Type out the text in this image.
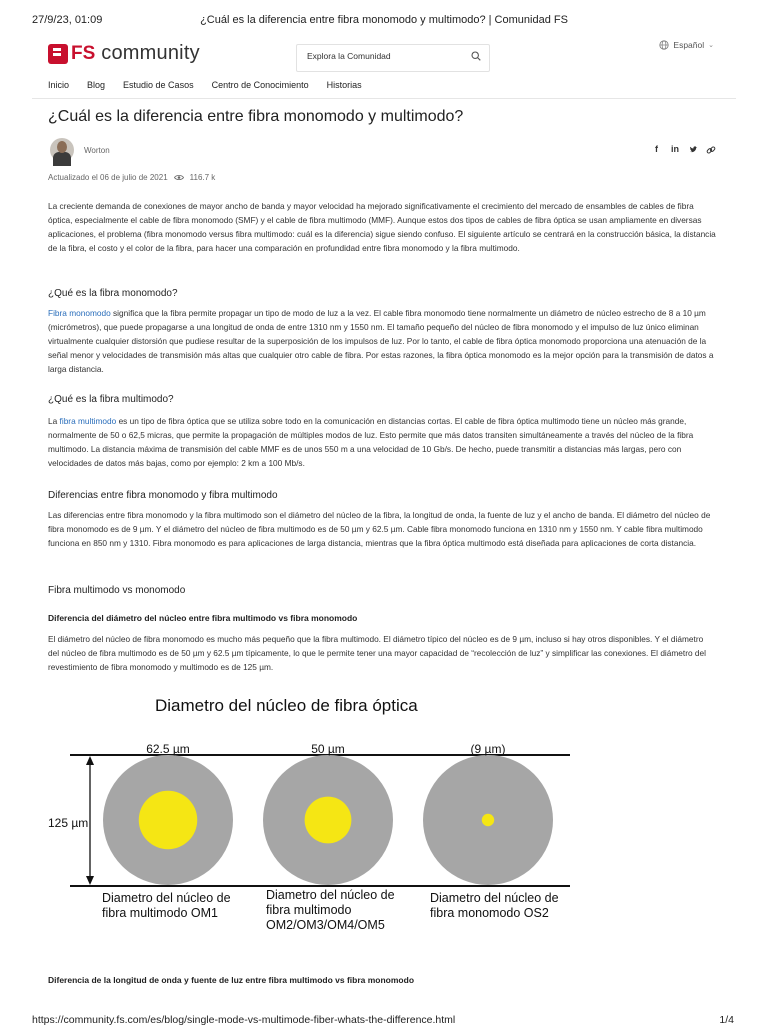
27/9/23, 01:09	¿Cuál es la diferencia entre fibra monomodo y multimodo? | Comunidad FS
FS community
Explora la Comunidad	Español ⌄
Inicio Blog Estudio de Casos Centro de Conocimiento Historias
¿Cuál es la diferencia entre fibra monomodo y multimodo?
Worton	f	in
Actualizado el 06 de julio de 2021	116.7 k

La creciente demanda de conexiones de mayor ancho de banda y mayor velocidad ha mejorado significativamente el crecimiento del mercado de ensambles de cables de fibra óptica, especialmente el cable de fibra monomodo (SMF) y el cable de fibra multimodo (MMF). Aunque estos dos tipos de cables de fibra óptica se usan ampliamente en diversas aplicaciones, el problema (fibra monomodo versus fibra multimodo: cuál es la diferencia) sigue siendo confuso. El siguiente artículo se centrará en la construcción básica, la distancia de la fibra, el costo y el color de la fibra, para hacer una comparación en profundidad entre fibra monomodo y la fibra multimodo.

¿Qué es la fibra monomodo?

Fibra monomodo significa que la fibra permite propagar un tipo de modo de luz a la vez. El cable fibra monomodo tiene normalmente un diámetro de núcleo estrecho de 8 a 10 µm (micrómetros), que puede propagarse a una longitud de onda de entre 1310 nm y 1550 nm. El tamaño pequeño del núcleo de fibra monomodo y el impulso de luz único eliminan virtualmente cualquier distorsión que pudiese resultar de la superposición de los impulsos de luz. Por lo tanto, el cable de fibra óptica monomodo proporciona una atenuación de la señal menor y velocidades de transmisión más altas que cualquier otro cable de fibra. Por estas razones, la fibra óptica monomodo es la mejor opción para la transmisión de datos a larga distancia.

¿Qué es la fibra multimodo?

La fibra multimodo es un tipo de fibra óptica que se utiliza sobre todo en la comunicación en distancias cortas. El cable de fibra óptica multimodo tiene un núcleo más grande, normalmente de 50 o 62,5 micras, que permite la propagación de múltiples modos de luz. Esto permite que más datos transiten simultáneamente a través del núcleo de la fibra multimodo. La distancia máxima de transmisión del cable MMF es de unos 550 m a una velocidad de 10 Gb/s. De hecho, puede transmitir a distancias más largas, pero con velocidades de datos más bajas, como por ejemplo: 2 km a 100 Mb/s.

Diferencias entre fibra monomodo y fibra multimodo

Las diferencias entre fibra monomodo y la fibra multimodo son el diámetro del núcleo de la fibra, la longitud de onda, la fuente de luz y el ancho de banda. El diámetro del núcleo de fibra monomodo es de 9 µm. Y el diámetro del núcleo de fibra multimodo es de 50 µm y 62.5 µm. Cable fibra monomodo funciona en 1310 nm y 1550 nm. Y cable fibra multimodo funciona en 850 nm y 1310. Fibra monomodo es para aplicaciones de larga distancia, mientras que la fibra óptica multimodo está diseñada para aplicaciones de corta distancia.

Fibra multimodo vs monomodo
Diferencia del diámetro del núcleo entre fibra multimodo vs fibra monomodo

El diámetro del núcleo de fibra monomodo es mucho más pequeño que la fibra multimodo. El diámetro típico del núcleo es de 9 µm, incluso si hay otros disponibles. Y el diámetro del núcleo de fibra multimodo es de 50 µm y 62.5 µm típicamente, lo que le permite tener una mayor capacidad de “recolección de luz” y simplificar las conexiones. El diámetro del revestimiento de fibra monomodo y multimodo es de 125 µm.

Diametro del núcleo de fibra óptica
125 µm
62.5 µm
Diametro del núcleo de
fibra multimodo OM1
50 µm
Diametro del núcleo de
fibra multimodo
OM2/OM3/OM4/OM5
(9 µm)
Diametro del núcleo de
fibra monomodo OS2
Diferencia de la longitud de onda y fuente de luz entre fibra multimodo vs fibra monomodo
https://community.fs.com/es/blog/single-mode-vs-multimode-fiber-whats-the-difference.html	1/4
